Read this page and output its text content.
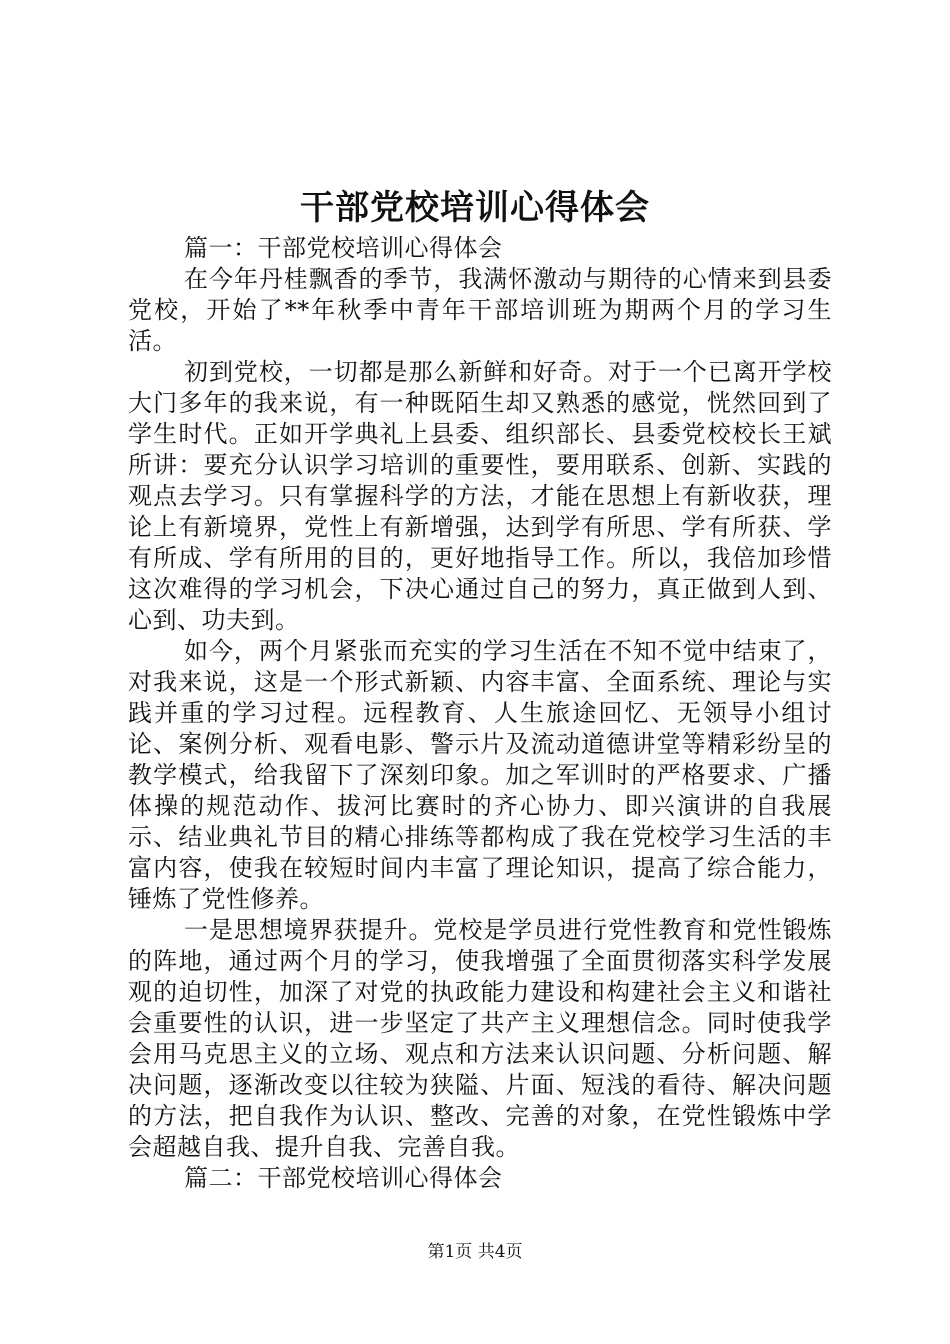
干部党校培训心得体会

篇一：干部党校培训心得体会

在今年丹桂飘香的季节，我满怀激动与期待的心情来到县委党校，开始了**年秋季中青年干部培训班为期两个月的学习生活。

初到党校，一切都是那么新鲜和好奇。对于一个已离开学校大门多年的我来说，有一种既陌生却又熟悉的感觉，恍然回到了学生时代。正如开学典礼上县委、组织部长、县委党校校长王斌所讲：要充分认识学习培训的重要性，要用联系、创新、实践的观点去学习。只有掌握科学的方法，才能在思想上有新收获，理论上有新境界，党性上有新增强，达到学有所思、学有所获、学有所成、学有所用的目的，更好地指导工作。所以，我倍加珍惜这次难得的学习机会，下决心通过自己的努力，真正做到人到、心到、功夫到。

如今，两个月紧张而充实的学习生活在不知不觉中结束了，对我来说，这是一个形式新颖、内容丰富、全面系统、理论与实践并重的学习过程。远程教育、人生旅途回忆、无领导小组讨论、案例分析、观看电影、警示片及流动道德讲堂等精彩纷呈的教学模式，给我留下了深刻印象。加之军训时的严格要求、广播体操的规范动作、拔河比赛时的齐心协力、即兴演讲的自我展示、结业典礼节目的精心排练等都构成了我在党校学习生活的丰富内容，使我在较短时间内丰富了理论知识，提高了综合能力，锤炼了党性修养。

一是思想境界获提升。党校是学员进行党性教育和党性锻炼的阵地，通过两个月的学习，使我增强了全面贯彻落实科学发展观的迫切性，加深了对党的执政能力建设和构建社会主义和谐社会重要性的认识，进一步坚定了共产主义理想信念。同时使我学会用马克思主义的立场、观点和方法来认识问题、分析问题、解决问题，逐渐改变以往较为狭隘、片面、短浅的看待、解决问题的方法，把自我作为认识、整改、完善的对象，在党性锻炼中学会超越自我、提升自我、完善自我。

篇二：干部党校培训心得体会

第1页 共4页
